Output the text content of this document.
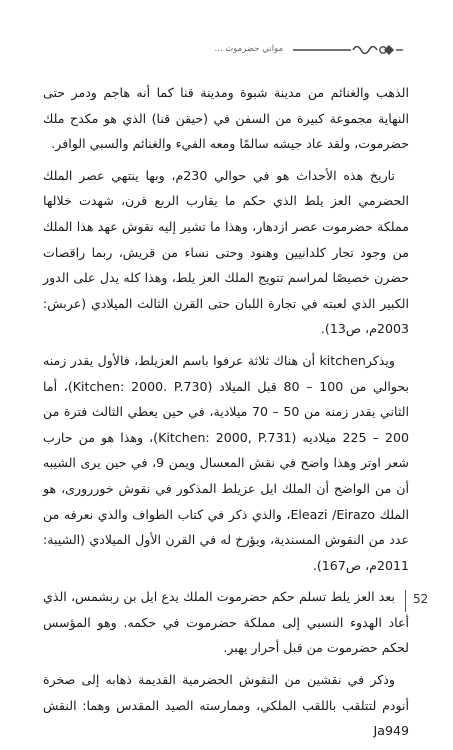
مواني حضرموت ...

الذهب والغنائم من مدينة شبوة ومدينة قنا كما أنه هاجم ودمر حتى النهاية مجموعة كبيرة من السفن في (حيقن قنا) الذي هو مكدح ملك حضرموت، ولقد عاد جيشه سالمًا ومعه الفيء والغنائم والسبي الوافر.

تاريخ هذه الأحداث هو في حوالي 230م، وبها ينتهي عصر الملك الحضرمي العز يلط الذي حكم ما يقارب الربع قرن، شهدت خلالها مملكة حضرموت عصر ازدهار، وهذا ما تشير إليه نقوش عهد هذا الملك من وجود تجار كلدانيين وهنود وحتى نساء من قريش، ربما راقصات حضرن خصيصًا لمراسم تتويج الملك العز يلط، وهذا كله يدل على الدور الكبير الذي لعبته في تجارة اللبان حتى القرن الثالث الميلادي (عربش: 2003م، ص13).

ويذكرkitchen أن هناك ثلاثة عرفوا باسم العزيلط، فالأول يقدر زمنه بحوالي من 100 – 80 قبل الميلاد (Kitchen: 2000. P.730)، أما الثاني يقدر زمنه من 50 – 70 ميلادية، في حين يعطي الثالث فترة من 200 – 225 ميلاديه (Kitchen: 2000, P.731)، وهذا هو من حارب شعر اوتر وهذا واضح في نقش المعسال ويمن 9، في حين يرى الشيبه أن من الواضح أن الملك ايل عزيلط المذكور في نقوش خوررورى، هو الملك Eleazi /Eirazo، والذي ذكر في كتاب الطواف والذي نعرفه من عدد من النقوش المسندية، ويؤرخ له في القرن الأول الميلادي (الشيبة: 2011م، ص167).

بعد العز يلط تسلم حكم حضرموت الملك يدع ايل بن ربشمس، الذي أعاد الهدوء النسبي إلى مملكة حضرموت في حكمه. وهو المؤسس لحكم حضرموت من قبل أحرار يهبر.

وذكر في نقشين من النقوش الحضرمية القديمة ذهابه إلى صخرة أنودم لتتلقب باللقب الملكي، وممارسته الصيد المقدس وهما: النقش Ja949

52
